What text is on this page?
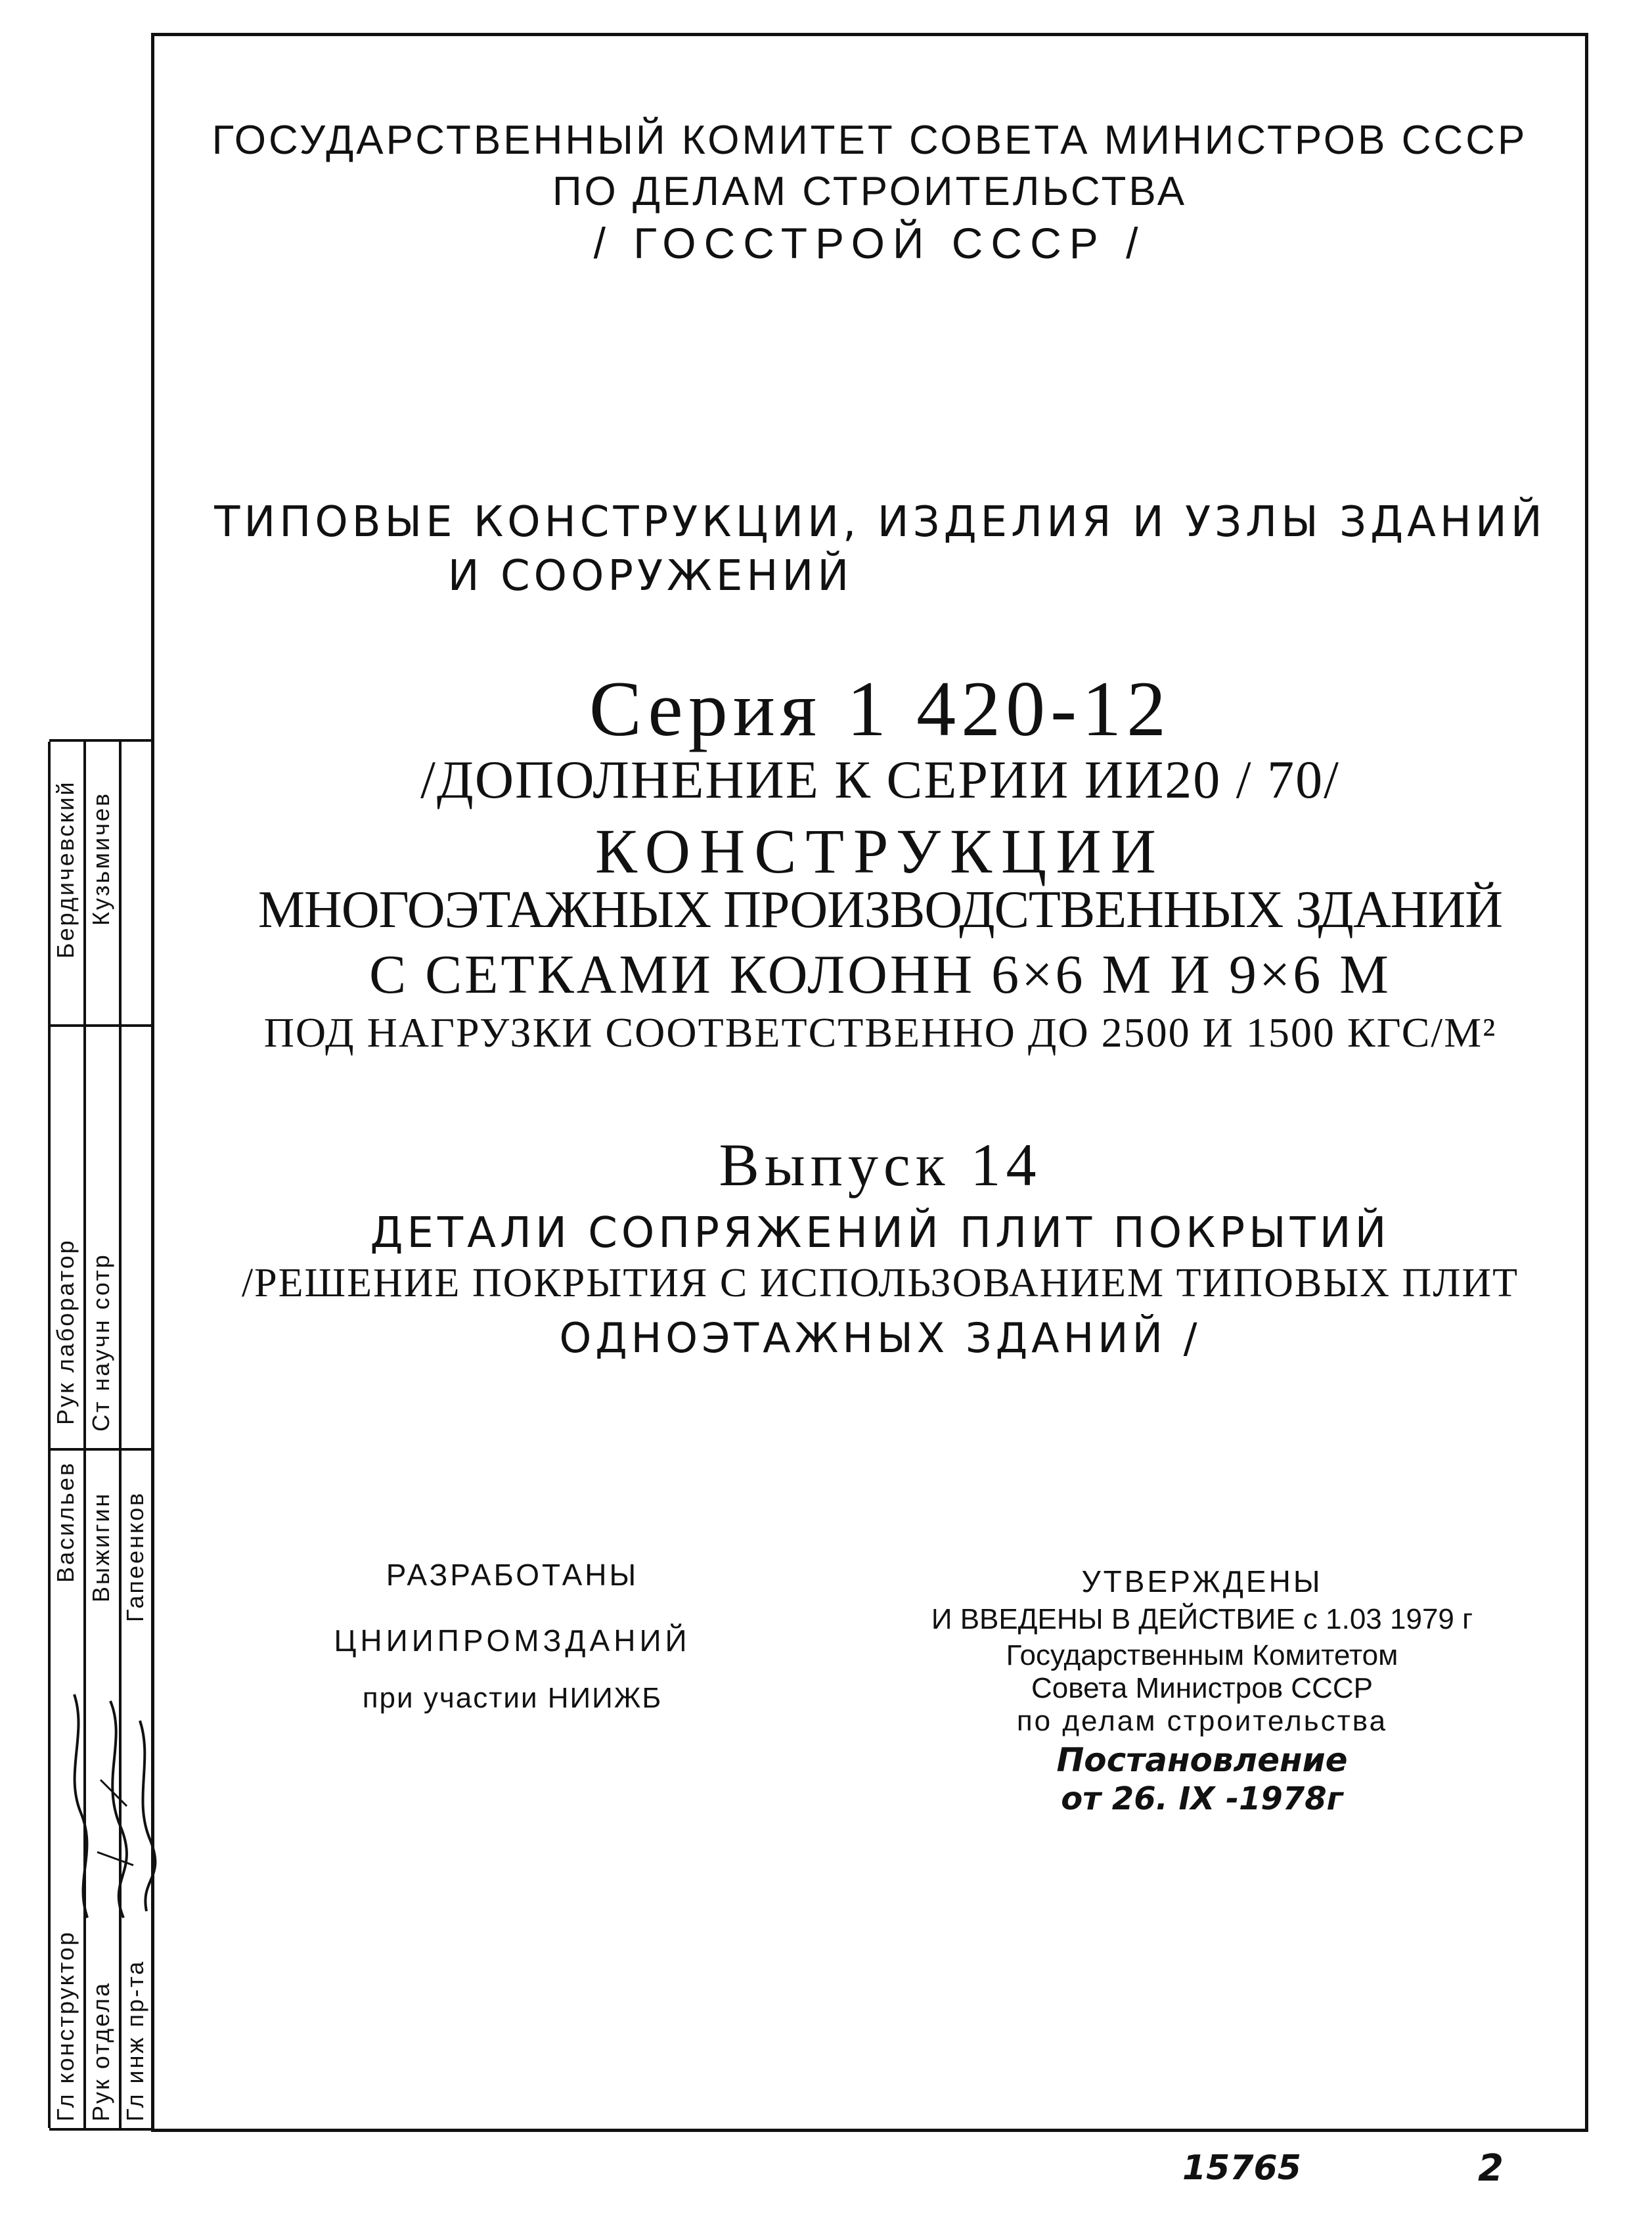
ГОСУДАРСТВЕННЫЙ КОМИТЕТ СОВЕТА МИНИСТРОВ СССР
ПО ДЕЛАМ СТРОИТЕЛЬСТВА
/ ГОССТРОЙ СССР /
ТИПОВЫЕ КОНСТРУКЦИИ, ИЗДЕЛИЯ И УЗЛЫ ЗДАНИЙ
И СООРУЖЕНИЙ
Серия 1 420-12
/ДОПОЛНЕНИЕ К СЕРИИ ИИ20 / 70/
КОНСТРУКЦИИ
МНОГОЭТАЖНЫХ ПРОИЗВОДСТВЕННЫХ ЗДАНИЙ
С СЕТКАМИ КОЛОНН 6×6 М И 9×6 М
ПОД НАГРУЗКИ СООТВЕТСТВЕННО ДО 2500 И 1500 КГС/М²
Выпуск 14
ДЕТАЛИ СОПРЯЖЕНИЙ ПЛИТ ПОКРЫТИЙ
/РЕШЕНИЕ ПОКРЫТИЯ С ИСПОЛЬЗОВАНИЕМ ТИПОВЫХ ПЛИТ
ОДНОЭТАЖНЫХ ЗДАНИЙ /
РАЗРАБОТАНЫ
ЦНИИПРОМЗДАНИЙ
при участии НИИЖБ
УТВЕРЖДЕНЫ
И ВВЕДЕНЫ В ДЕЙСТВИЕ с 1.03 1979 г
Государственным Комитетом
Совета Министров СССР
по делам строительства
Постановление
от 26. IX -1978г
Гл конструктор
Васильев
Рук лаборатор
Бердичевский
Рук отдела
Выжигин
Ст научн сотр
Кузьмичев
Гл инж пр-та
Гапеенков
15765	2
